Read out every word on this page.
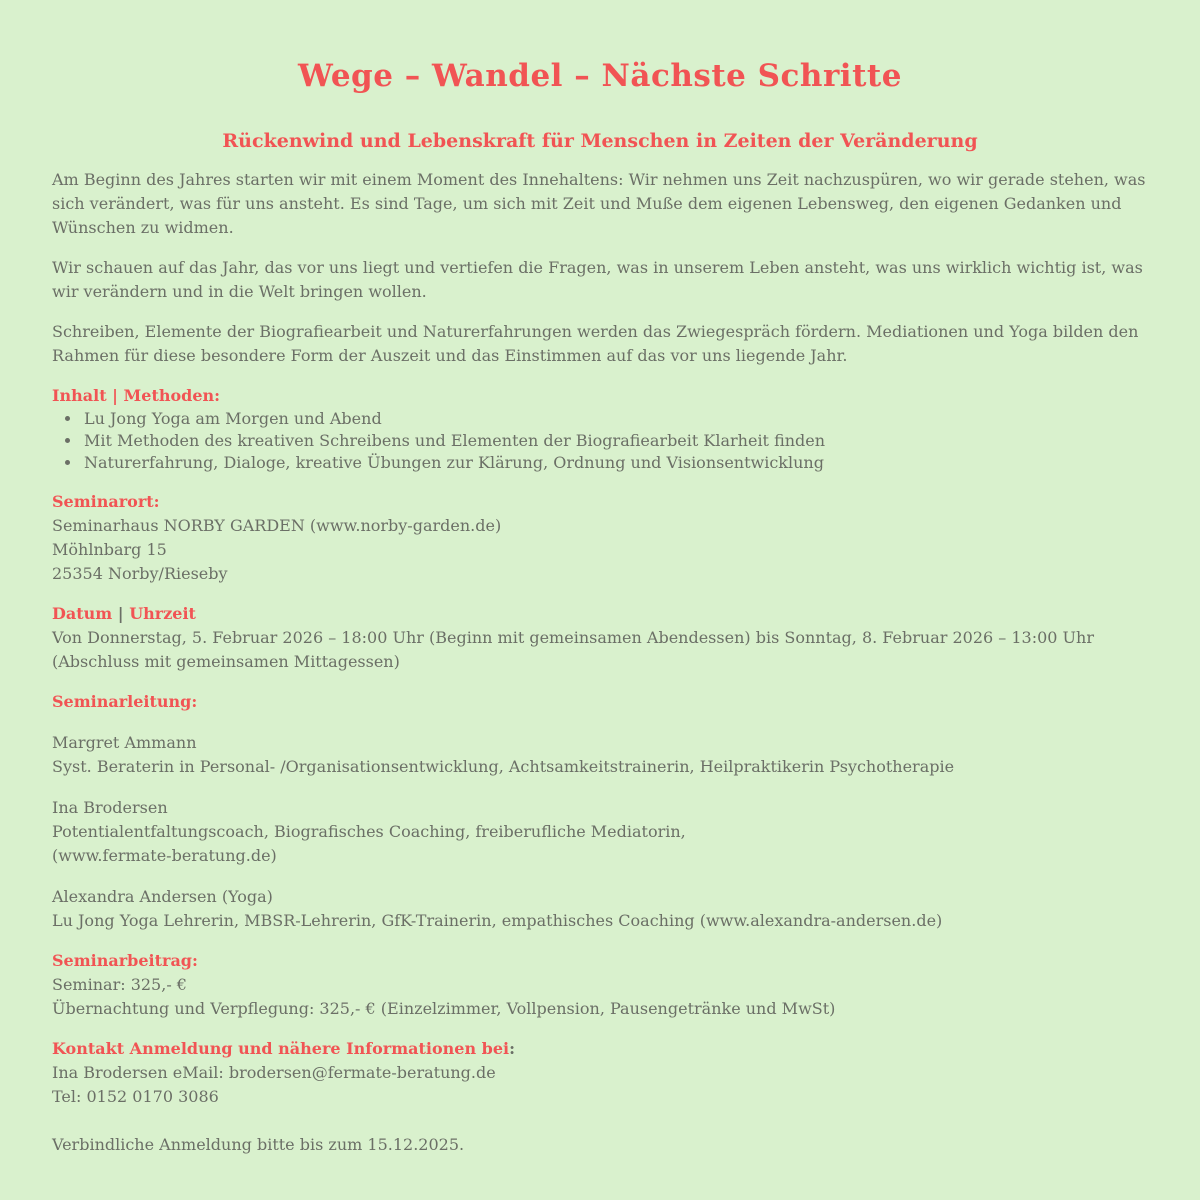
Wege – Wandel – Nächste Schritte
Rückenwind und Lebenskraft für Menschen in Zeiten der Veränderung

Am Beginn des Jahres starten wir mit einem Moment des Innehaltens: Wir nehmen uns Zeit nachzuspüren, wo wir gerade stehen, was sich verändert, was für uns ansteht. Es sind Tage, um sich mit Zeit und Muße dem eigenen Lebensweg, den eigenen Gedanken und Wünschen zu widmen.

Wir schauen auf das Jahr, das vor uns liegt und vertiefen die Fragen, was in unserem Leben ansteht, was uns wirklich wichtig ist, was wir verändern und in die Welt bringen wollen.

Schreiben, Elemente der Biografiearbeit und Naturerfahrungen werden das Zwiegespräch fördern. Mediationen und Yoga bilden den Rahmen für diese besondere Form der Auszeit und das Einstimmen auf das vor uns liegende Jahr.

Inhalt | Methoden:
• Lu Jong Yoga am Morgen und Abend
• Mit Methoden des kreativen Schreibens und Elementen der Biografiearbeit Klarheit finden
• Naturerfahrung, Dialoge, kreative Übungen zur Klärung, Ordnung und Visionsentwicklung
Seminarort:
Seminarhaus NORBY GARDEN (www.norby-garden.de)
Möhlnbarg 15
25354 Norby/Rieseby
Datum | Uhrzeit
Von Donnerstag, 5. Februar 2026 – 18:00 Uhr (Beginn mit gemeinsamen Abendessen) bis Sonntag, 8. Februar 2026 – 13:00 Uhr (Abschluss mit gemeinsamen Mittagessen)
Seminarleitung:
Margret Ammann
Syst. Beraterin in Personal- /Organisationsentwicklung, Achtsamkeitstrainerin, Heilpraktikerin Psychotherapie
Ina Brodersen
Potentialentfaltungscoach, Biografisches Coaching, freiberufliche Mediatorin,
(www.fermate-beratung.de)
Alexandra Andersen (Yoga)
Lu Jong Yoga Lehrerin, MBSR-Lehrerin, GfK-Trainerin, empathisches Coaching (www.alexandra-andersen.de)
Seminarbeitrag:
Seminar: 325,- €
Übernachtung und Verpflegung: 325,- € (Einzelzimmer, Vollpension, Pausengetränke und MwSt)
Kontakt Anmeldung und nähere Informationen bei:
Ina Brodersen eMail: brodersen@fermate-beratung.de
Tel: 0152 0170 3086

Verbindliche Anmeldung bitte bis zum 15.12.2025.
